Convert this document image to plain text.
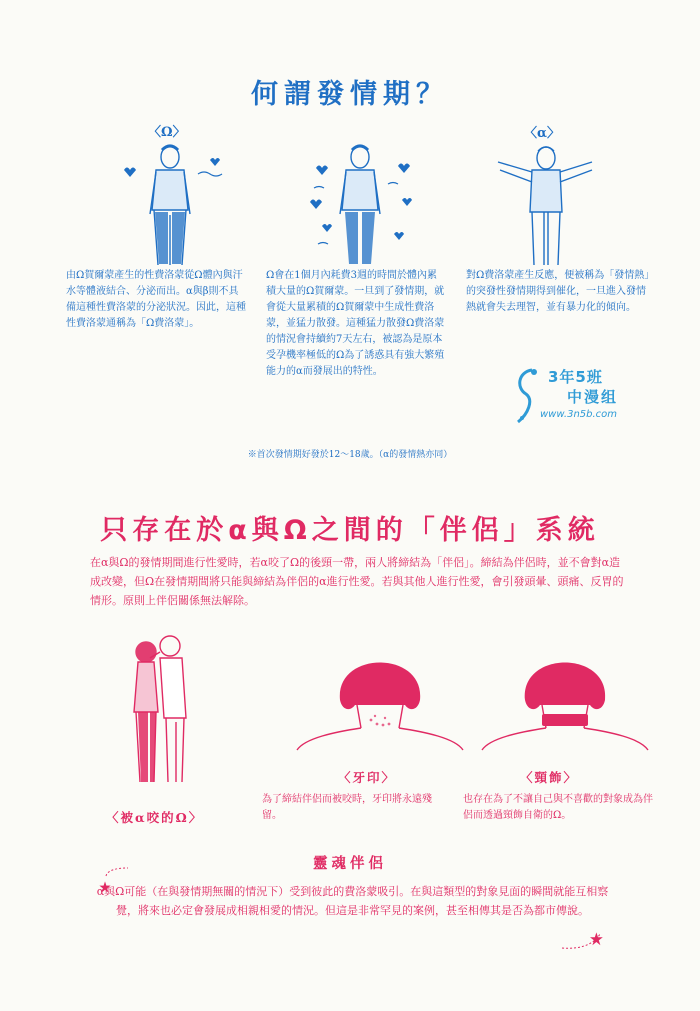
何謂發情期？
〈Ω〉	〈α〉
由Ω賀爾蒙產生的性費洛蒙從Ω體內與汗水等體液結合、分泌而出。α與β則不具備這種性費洛蒙的分泌狀況。因此，這種性費洛蒙通稱為「Ω費洛蒙」。
Ω會在1個月內耗費3週的時間於體內累積大量的Ω賀爾蒙。一旦到了發情期，就會從大量累積的Ω賀爾蒙中生成性費洛蒙，並猛力散發。這種猛力散發Ω費洛蒙的情況會持續約7天左右，被認為是原本受孕機率極低的Ω為了誘惑具有強大繁殖能力的α而發展出的特性。
對Ω費洛蒙產生反應，便被稱為「發情熱」的突發性發情期得到催化，一旦進入發情熱就會失去理智，並有暴力化的傾向。
3年5班
中漫组
www.3n5b.com
※首次發情期好發於12～18歲。（α的發情熱亦同）
只存在於α與Ω之間的「伴侶」系統
在α與Ω的發情期間進行性愛時，若α咬了Ω的後頸一帶，兩人將締結為「伴侶」。締結為伴侶時，並不會對α造成改變，但Ω在發情期間將只能與締結為伴侶的α進行性愛。若與其他人進行性愛，會引發頭暈、頭痛、反胃的情形。原則上伴侶關係無法解除。
〈牙印〉	〈頸飾〉
〈被α咬的Ω〉
為了締結伴侶而被咬時，牙印將永遠殘留。
也存在為了不讓自己與不喜歡的對象成為伴侶而透過頸飾自衛的Ω。
靈魂伴侶
α與Ω可能（在與發情期無關的情況下）受到彼此的費洛蒙吸引。在與這類型的對象見面的瞬間就能互相察覺，將來也必定會發展成相親相愛的情況。但這是非常罕見的案例，甚至相傳其是否為都市傳說。
